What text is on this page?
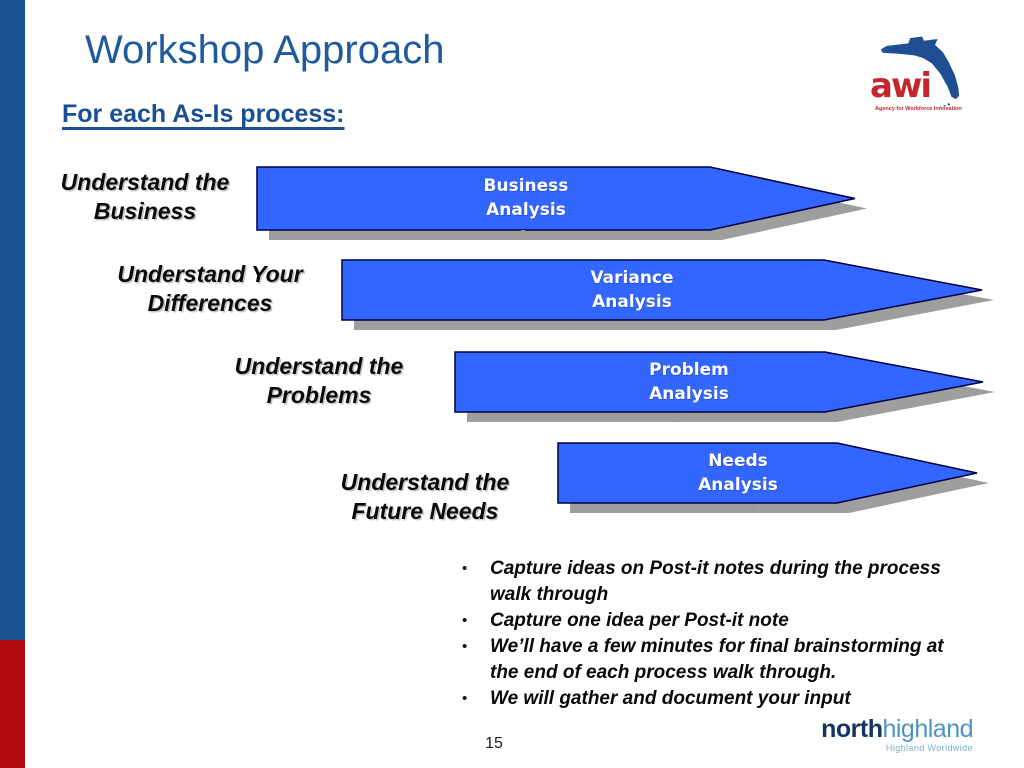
Workshop Approach
For each As-Is process:
awi
Agency for Workforce Innovation
Understand the
Business
Understand Your
Differences
Understand the
Problems
Understand the
Future Needs
Business
Analysis
Variance
Analysis
Problem
Analysis
Needs
Analysis
•	Capture ideas on Post-it notes during the process
walk through
•	Capture one idea per Post-it note
•	We’ll have a few minutes for final brainstorming at
the end of each process walk through.
•	We will gather and document your input
15
northhighland
Highland Worldwide
